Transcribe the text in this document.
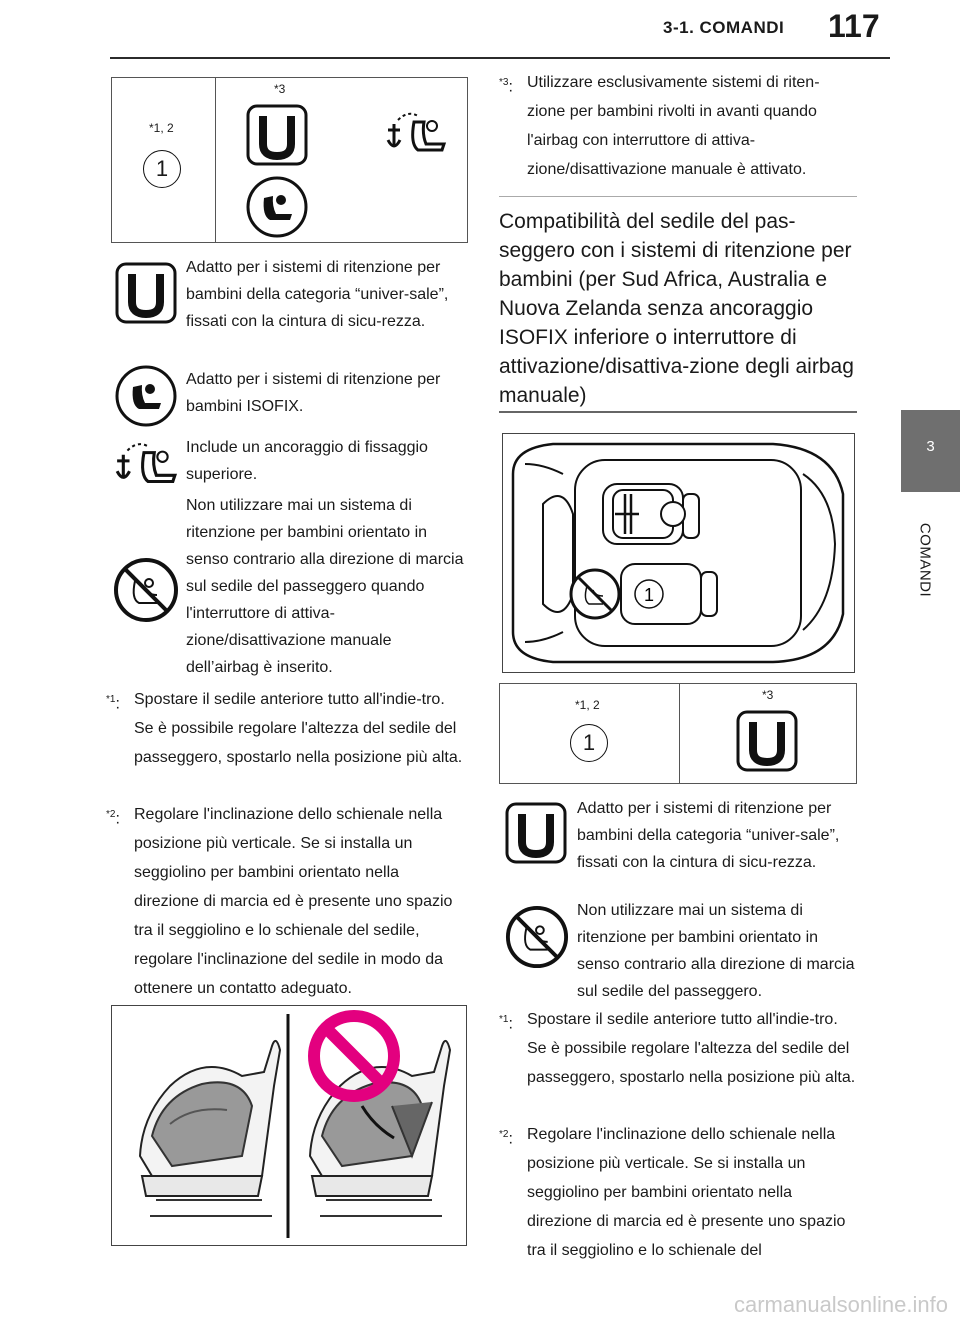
3-1. COMANDI 117
3
COMANDI
*1, 2
1
*3
Adatto per i sistemi di ritenzione per bambini della categoria “univer-sale”, fissati con la cintura di sicu-rezza.
Adatto per i sistemi di ritenzione per bambini ISOFIX.
Include un ancoraggio di fissaggio superiore.
Non utilizzare mai un sistema di ritenzione per bambini orientato in senso contrario alla direzione di marcia sul sedile del passeggero quando l'interruttore di attiva-zione/disattivazione manuale dell’airbag è inserito.
$^{*1}$: Spostare il sedile anteriore tutto all'indie-tro. Se è possibile regolare l'altezza del sedile del passeggero, spostarlo nella posizione più alta.
$^{*2}$: Regolare l'inclinazione dello schienale nella posizione più verticale. Se si installa un seggiolino per bambini orientato nella direzione di marcia ed è presente uno spazio tra il seggiolino e lo schienale del sedile, regolare l'inclinazione del sedile in modo da ottenere un contatto adeguato.
$^{*3}$: Utilizzare esclusivamente sistemi di riten-zione per bambini rivolti in avanti quando l'airbag con interruttore di attiva-zione/disattivazione manuale è attivato.
Compatibilità del sedile del pas-seggero con i sistemi di ritenzione per bambini (per Sud Africa, Australia e Nuova Zelanda senza ancoraggio ISOFIX inferiore o interruttore di attivazione/disattiva-zione degli airbag manuale)
1
*1, 2
1
*3
Adatto per i sistemi di ritenzione per bambini della categoria “univer-sale”, fissati con la cintura di sicu-rezza.
Non utilizzare mai un sistema di ritenzione per bambini orientato in senso contrario alla direzione di marcia sul sedile del passeggero.
$^{*1}$: Spostare il sedile anteriore tutto all'indie-tro. Se è possibile regolare l'altezza del sedile del passeggero, spostarlo nella posizione più alta.
$^{*2}$: Regolare l'inclinazione dello schienale nella posizione più verticale. Se si installa un seggiolino per bambini orientato nella direzione di marcia ed è presente uno spazio tra il seggiolino e lo schienale del
carmanualsonline.info
